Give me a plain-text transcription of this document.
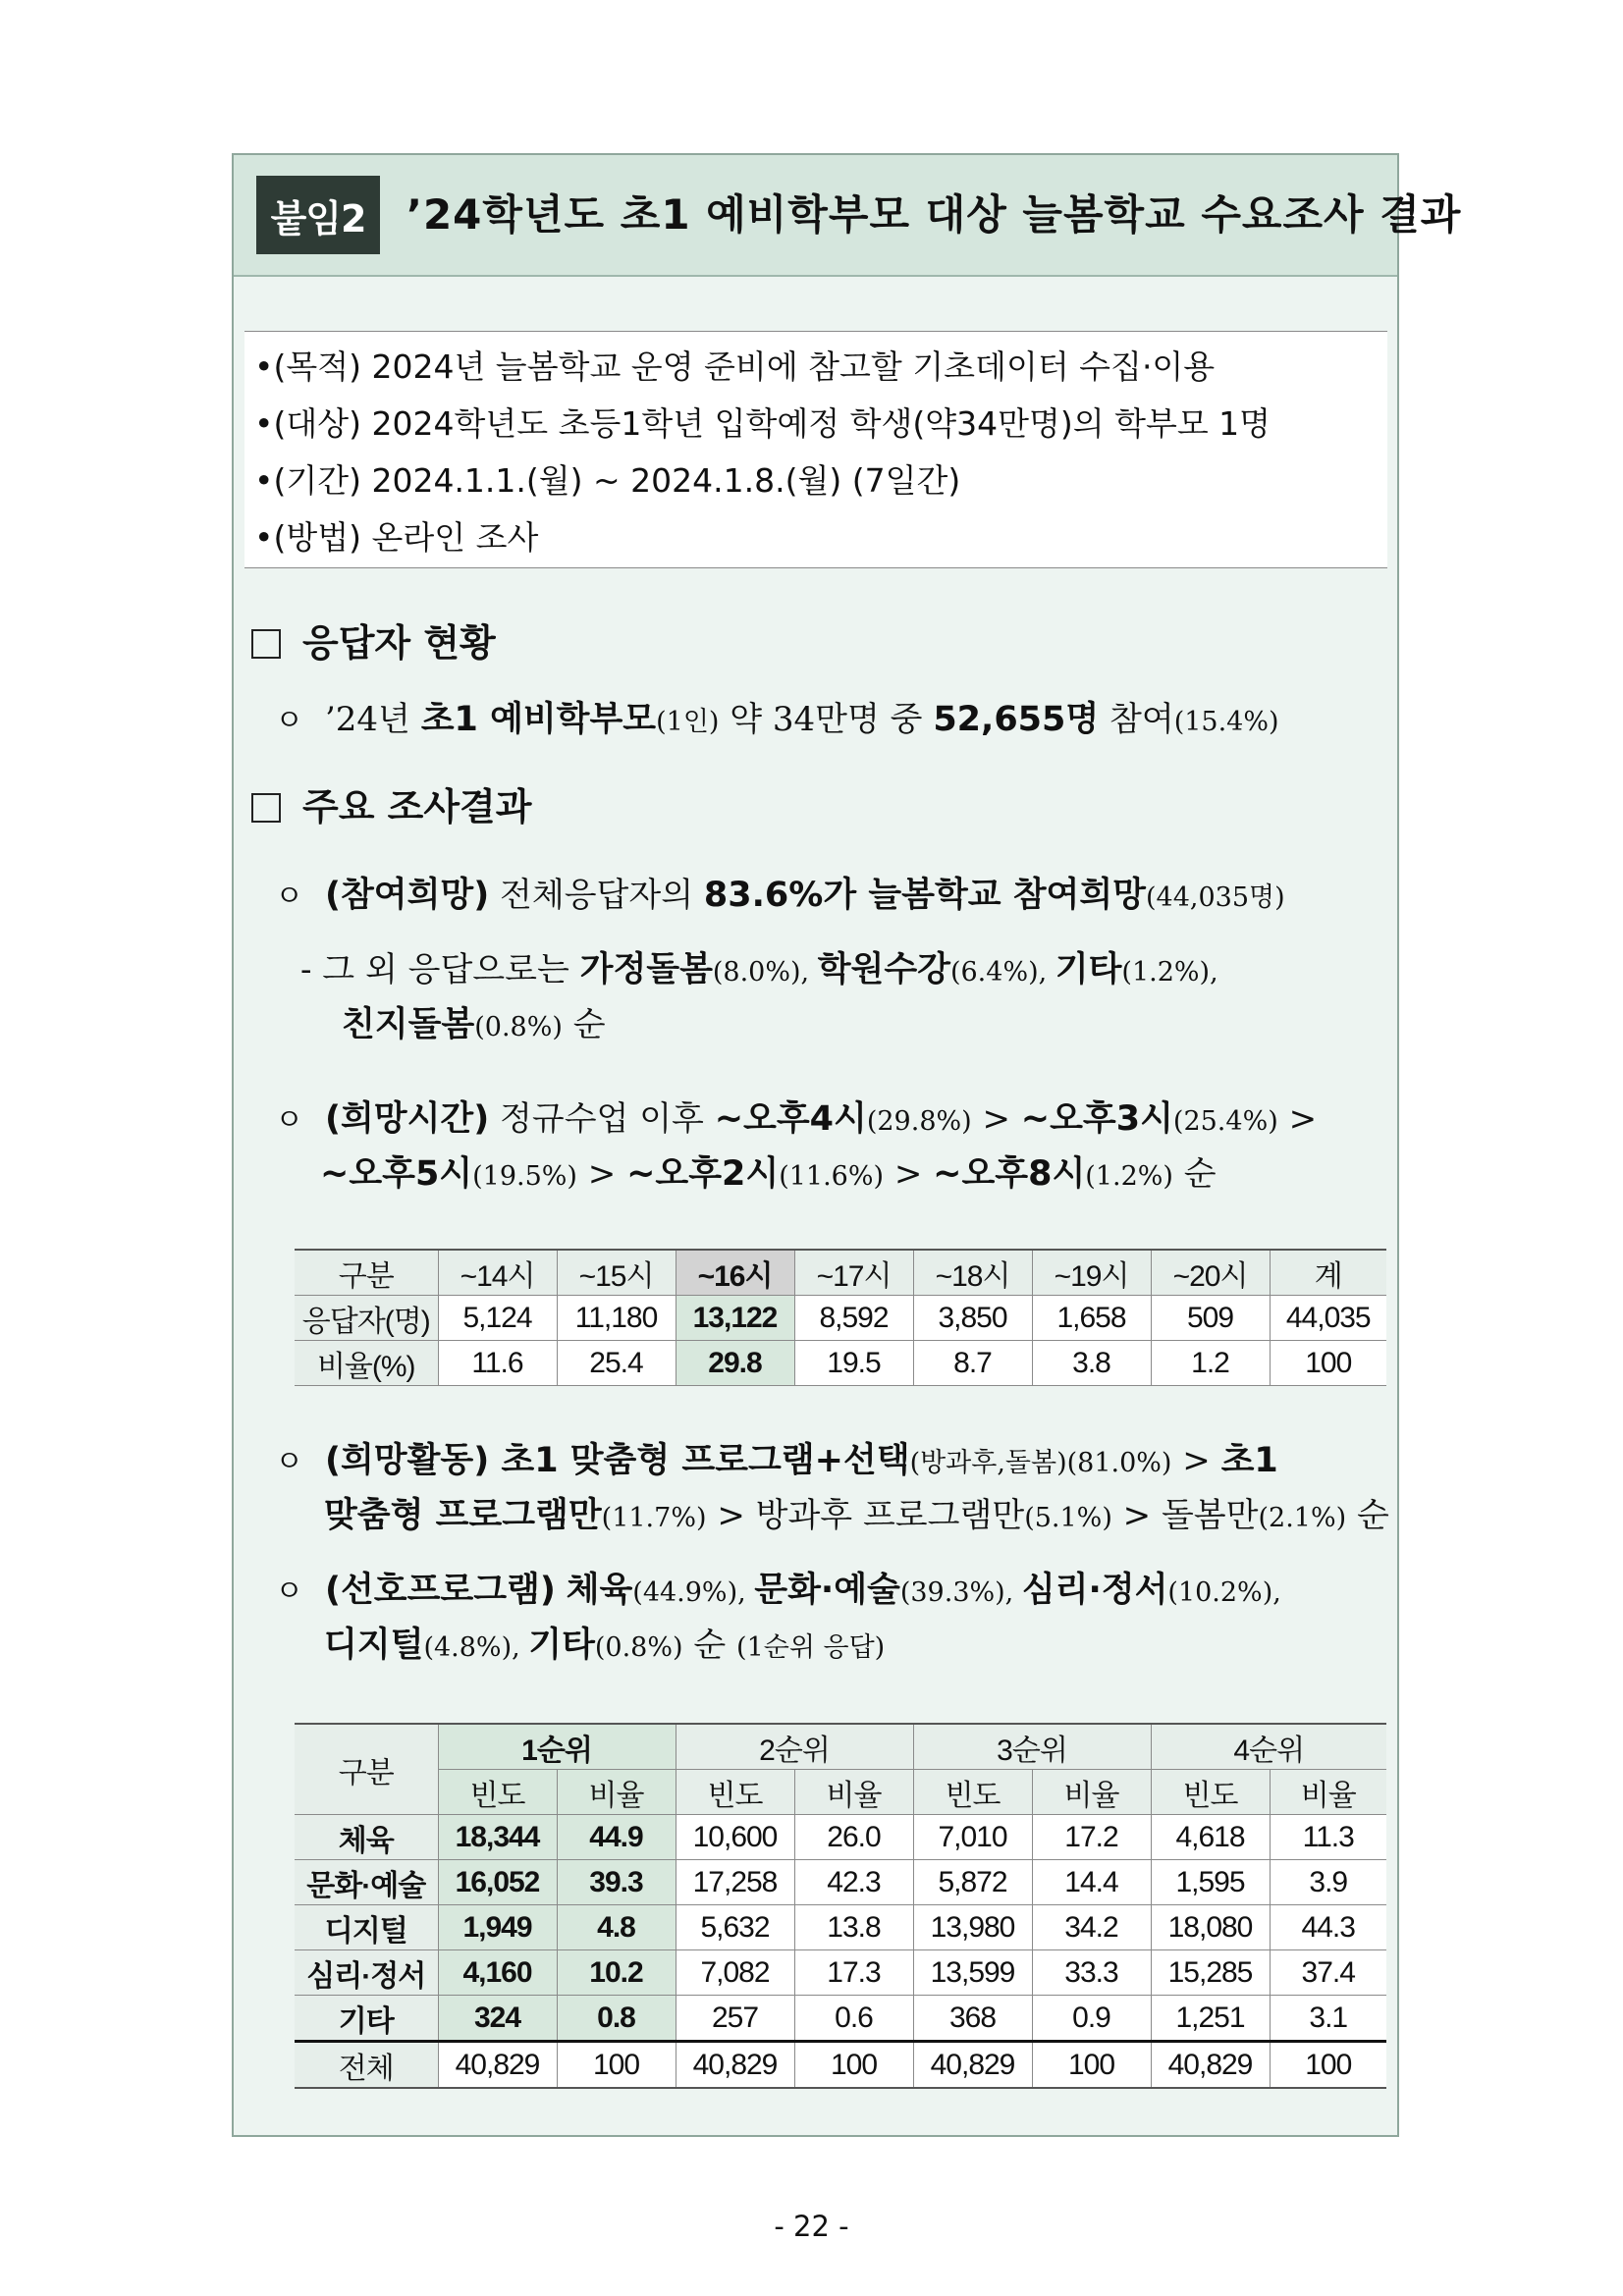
붙임2 ’24학년도 초1 예비학부모 대상 늘봄학교 수요조사 결과
•(목적) 2024년 늘봄학교 운영 준비에 참고할 기초데이터 수집·이용
•(대상) 2024학년도 초등1학년 입학예정 학생(약34만명)의 학부모 1명
•(기간) 2024.1.1.(월) ~ 2024.1.8.(월) (7일간)
•(방법) 온라인 조사
응답자 현황
ㅇ ’24년 초1 예비학부모(1인) 약 34만명 중 52,655명 참여(15.4%)
주요 조사결과
ㅇ (참여희망) 전체응답자의 83.6%가 늘봄학교 참여희망(44,035명)
- 그 외 응답으로는 가정돌봄(8.0%), 학원수강(6.4%), 기타(1.2%),
친지돌봄(0.8%) 순
ㅇ (희망시간) 정규수업 이후 ~오후4시(29.8%) > ~오후3시(25.4%) >
~오후5시(19.5%) > ~오후2시(11.6%) > ~오후8시(1.2%) 순
구분	~14시	~15시	~16시	~17시	~18시	~19시	~20시	계
응답자(명)	5,124	11,180	13,122	8,592	3,850	1,658	509	44,035
비율(%)	11.6	25.4	29.8	19.5	8.7	3.8	1.2	100
ㅇ (희망활동) 초1 맞춤형 프로그램+선택(방과후,돌봄)(81.0%) > 초1
맞춤형 프로그램만(11.7%) > 방과후 프로그램만(5.1%) > 돌봄만(2.1%) 순
ㅇ (선호프로그램) 체육(44.9%), 문화·예술(39.3%), 심리·정서(10.2%),
디지털(4.8%), 기타(0.8%) 순 (1순위 응답)
구분	1순위		2순위		3순위		4순위	
	빈도	비율	빈도	비율	빈도	비율	빈도	비율
체육	18,344	44.9	10,600	26.0	7,010	17.2	4,618	11.3
문화·예술	16,052	39.3	17,258	42.3	5,872	14.4	1,595	3.9
디지털	1,949	4.8	5,632	13.8	13,980	34.2	18,080	44.3
심리·정서	4,160	10.2	7,082	17.3	13,599	33.3	15,285	37.4
기타	324	0.8	257	0.6	368	0.9	1,251	3.1
전체	40,829	100	40,829	100	40,829	100	40,829	100
- 22 -
